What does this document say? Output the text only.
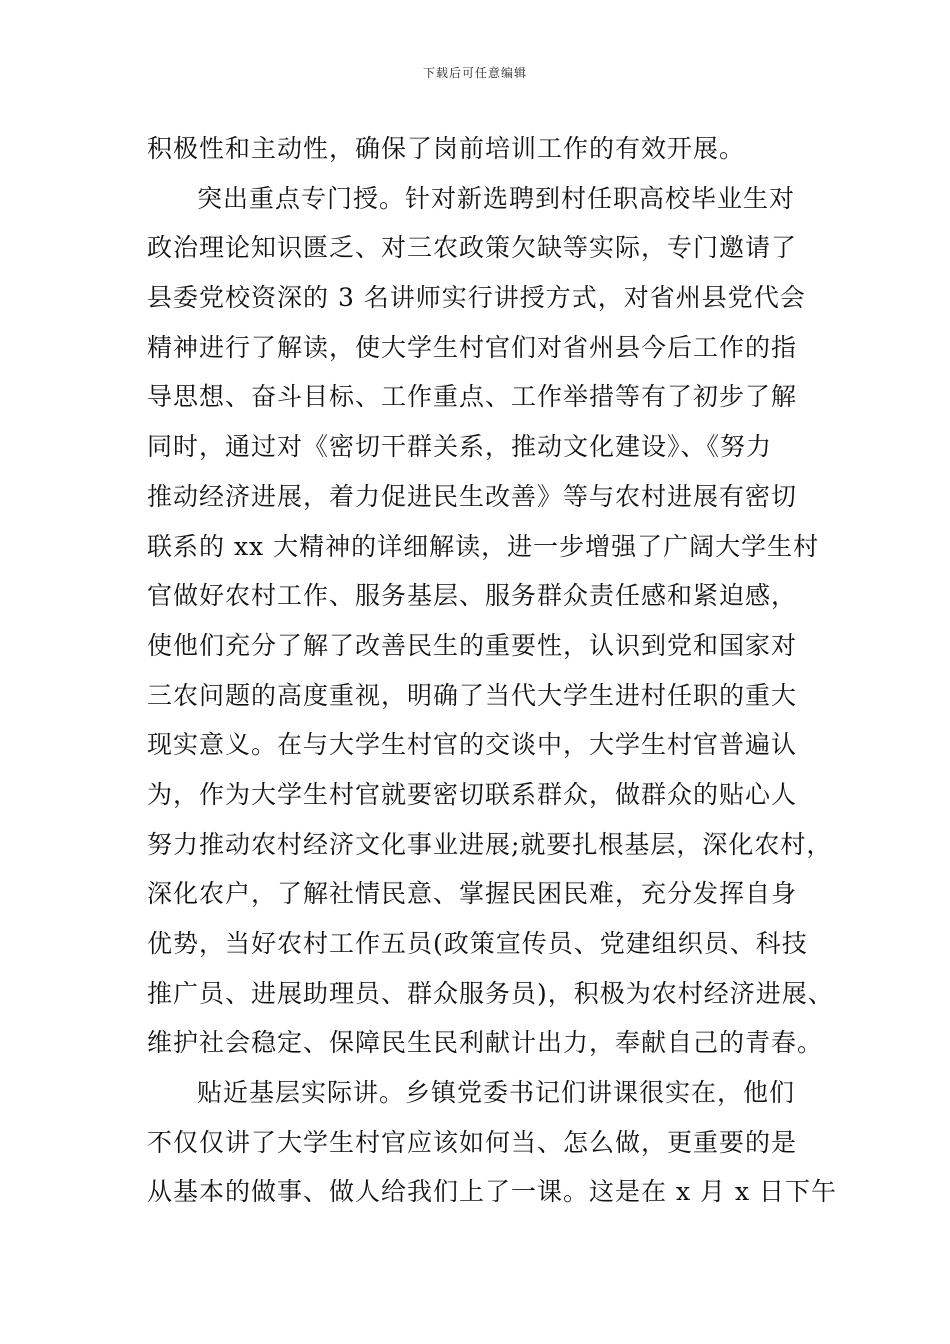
下载后可任意编辑
积极性和主动性，确保了岗前培训工作的有效开展。
突出重点专门授。针对新选聘到村任职高校毕业生对
政治理论知识匮乏、对三农政策欠缺等实际，专门邀请了
县委党校资深的 3 名讲师实行讲授方式，对省州县党代会
精神进行了解读，使大学生村官们对省州县今后工作的指
导思想、奋斗目标、工作重点、工作举措等有了初步了解
同时，通过对《密切干群关系，推动文化建设》、《努力
推动经济进展，着力促进民生改善》等与农村进展有密切
联系的 xx 大精神的详细解读，进一步增强了广阔大学生村
官做好农村工作、服务基层、服务群众责任感和紧迫感，
使他们充分了解了改善民生的重要性，认识到党和国家对
三农问题的高度重视，明确了当代大学生进村任职的重大
现实意义。在与大学生村官的交谈中，大学生村官普遍认
为，作为大学生村官就要密切联系群众，做群众的贴心人
努力推动农村经济文化事业进展;就要扎根基层，深化农村，
深化农户，了解社情民意、掌握民困民难，充分发挥自身
优势，当好农村工作五员(政策宣传员、党建组织员、科技
推广员、进展助理员、群众服务员)，积极为农村经济进展、
维护社会稳定、保障民生民利献计出力，奉献自己的青春。
贴近基层实际讲。乡镇党委书记们讲课很实在，他们
不仅仅讲了大学生村官应该如何当、怎么做，更重要的是
从基本的做事、做人给我们上了一课。这是在 x 月 x 日下午
